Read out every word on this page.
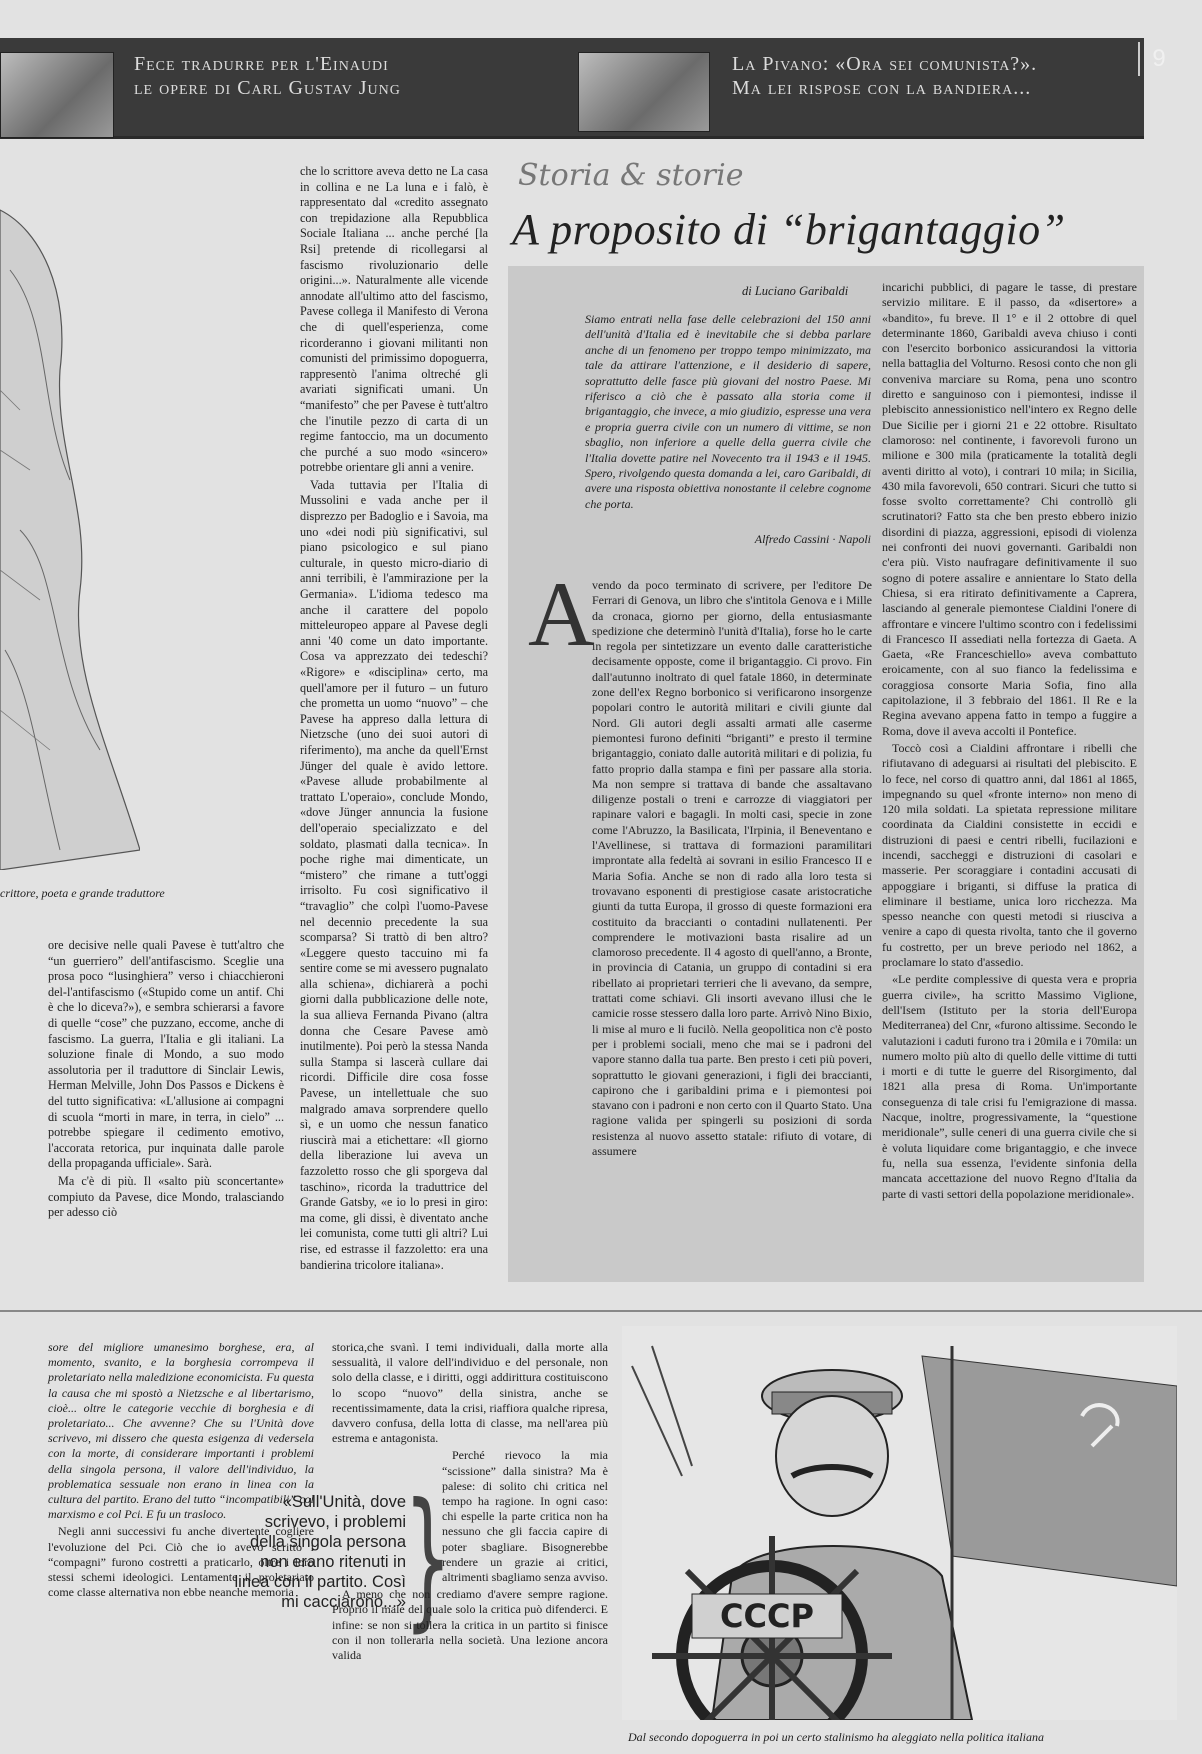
Fece tradurre per l'Einaudi
le opere di Carl Gustav Jung
La Pivano: «Ora sei comunista?».
Ma lei rispose con la bandiera...
9
crittore, poeta e grande traduttore

ore decisive nelle quali Pavese è tutt'altro che “un guerriero” dell'antifascismo. Sceglie una prosa poco “lusinghiera” verso i chiacchieroni del-l'antifascismo («Stupido come un antif. Chi è che lo diceva?»), e sembra schierarsi a favore di quelle “cose” che puzzano, eccome, anche di fascismo. La guerra, l'Italia e gli italiani. La soluzione finale di Mondo, a suo modo assolutoria per il traduttore di Sinclair Lewis, Herman Melville, John Dos Passos e Dickens è del tutto significativa: «L'allusione ai compagni di scuola “morti in mare, in terra, in cielo” ... potrebbe spiegare il cedimento emotivo, l'accorata retorica, pur inquinata dalle parole della propaganda ufficiale». Sarà.

Ma c'è di più. Il «salto più sconcertante» compiuto da Pavese, dice Mondo, tralasciando per adesso ciò

che lo scrittore aveva detto ne La casa in collina e ne La luna e i falò, è rappresentato dal «credito assegnato con trepidazione alla Repubblica Sociale Italiana ... anche perché [la Rsi] pretende di ricollegarsi al fascismo rivoluzionario delle origini...». Naturalmente alle vicende annodate all'ultimo atto del fascismo, Pavese collega il Manifesto di Verona che di quell'esperienza, come ricorderanno i giovani militanti non comunisti del primissimo dopoguerra, rappresentò l'anima oltreché gli avariati significati umani. Un “manifesto” che per Pavese è tutt'altro che l'inutile pezzo di carta di un regime fantoccio, ma un documento che purché a suo modo «sincero» potrebbe orientare gli anni a venire.

Vada tuttavia per l'Italia di Mussolini e vada anche per il disprezzo per Badoglio e i Savoia, ma uno «dei nodi più significativi, sul piano psicologico e sul piano culturale, in questo micro-diario di anni terribili, è l'ammirazione per la Germania». L'idioma tedesco ma anche il carattere del popolo mitteleuropeo appare al Pavese degli anni '40 come un dato importante. Cosa va apprezzato dei tedeschi? «Rigore» e «disciplina» certo, ma quell'amore per il futuro – un futuro che prometta un uomo “nuovo” – che Pavese ha appreso dalla lettura di Nietzsche (uno dei suoi autori di riferimento), ma anche da quell'Ernst Jünger del quale è avido lettore. «Pavese allude probabilmente al trattato L'operaio», conclude Mondo, «dove Jünger annuncia la fusione dell'operaio specializzato e del soldato, plasmati dalla tecnica». In poche righe mai dimenticate, un “mistero” che rimane a tutt'oggi irrisolto. Fu così significativo il “travaglio” che colpì l'uomo-Pavese nel decennio precedente la sua scomparsa? Si trattò di ben altro? «Leggere questo taccuino mi fa sentire come se mi avessero pugnalato alla schiena», dichiarerà a pochi giorni dalla pubblicazione delle note, la sua allieva Fernanda Pivano (altra donna che Cesare Pavese amò inutilmente). Poi però la stessa Nanda sulla Stampa si lascerà cullare dai ricordi. Difficile dire cosa fosse Pavese, un intellettuale che suo malgrado amava sorprendere quello sì, e un uomo che nessun fanatico riuscirà mai a etichettare: «Il giorno della liberazione lui aveva un fazzoletto rosso che gli sporgeva dal taschino», ricorda la traduttrice del Grande Gatsby, «e io lo presi in giro: ma come, gli dissi, è diventato anche lei comunista, come tutti gli altri? Lui rise, ed estrasse il fazzoletto: era una bandierina tricolore italiana».

Storia & storie
A proposito di “brigantaggio”
di Luciano Garibaldi
Siamo entrati nella fase delle celebrazioni del 150 anni dell'unità d'Italia ed è inevitabile che si debba parlare anche di un fenomeno per troppo tempo minimizzato, ma tale da attirare l'attenzione, e il desiderio di sapere, soprattutto delle fasce più giovani del nostro Paese. Mi riferisco a ciò che è passato alla storia come il brigantaggio, che invece, a mio giudizio, espresse una vera e propria guerra civile con un numero di vittime, se non sbaglio, non inferiore a quelle della guerra civile che l'Italia dovette patire nel Novecento tra il 1943 e il 1945. Spero, rivolgendo questa domanda a lei, caro Garibaldi, di avere una risposta obiettiva nonostante il celebre cognome che porta.
Alfredo Cassini · Napoli
A

vendo da poco terminato di scrivere, per l'editore De Ferrari di Genova, un libro che s'intitola Genova e i Mille da cronaca, giorno per giorno, della entusiasmante spedizione che determinò l'unità d'Italia), forse ho le carte in regola per sintetizzare un evento dalle caratteristiche decisamente opposte, come il brigantaggio. Ci provo. Fin dall'autunno inoltrato di quel fatale 1860, in determinate zone dell'ex Regno borbonico si verificarono insorgenze popolari contro le autorità militari e civili giunte dal Nord. Gli autori degli assalti armati alle caserme piemontesi furono definiti “briganti” e presto il termine brigantaggio, coniato dalle autorità militari e di polizia, fu fatto proprio dalla stampa e finì per passare alla storia. Ma non sempre si trattava di bande che assaltavano diligenze postali o treni e carrozze di viaggiatori per rapinare valori e bagagli. In molti casi, specie in zone come l'Abruzzo, la Basilicata, l'Irpinia, il Beneventano e l'Avellinese, si trattava di formazioni paramilitari improntate alla fedeltà ai sovrani in esilio Francesco II e Maria Sofia. Anche se non di rado alla loro testa si trovavano esponenti di prestigiose casate aristocratiche giunti da tutta Europa, il grosso di queste formazioni era costituito da braccianti o contadini nullatenenti. Per comprendere le motivazioni basta risalire ad un clamoroso precedente. Il 4 agosto di quell'anno, a Bronte, in provincia di Catania, un gruppo di contadini si era ribellato ai proprietari terrieri che li avevano, da sempre, trattati come schiavi. Gli insorti avevano illusi che le camicie rosse stessero dalla loro parte. Arrivò Nino Bixio, li mise al muro e li fucilò. Nella geopolitica non c'è posto per i problemi sociali, meno che mai se i padroni del vapore stanno dalla tua parte. Ben presto i ceti più poveri, soprattutto le giovani generazioni, i figli dei braccianti, capirono che i garibaldini prima e i piemontesi poi stavano con i padroni e non certo con il Quarto Stato. Una ragione valida per spingerli su posizioni di sorda resistenza al nuovo assetto statale: rifiuto di votare, di assumere

incarichi pubblici, di pagare le tasse, di prestare servizio militare. E il passo, da «disertore» a «bandito», fu breve. Il 1° e il 2 ottobre di quel determinante 1860, Garibaldi aveva chiuso i conti con l'esercito borbonico assicurandosi la vittoria nella battaglia del Volturno. Resosi conto che non gli conveniva marciare su Roma, pena uno scontro diretto e sanguinoso con i piemontesi, indisse il plebiscito annessionistico nell'intero ex Regno delle Due Sicilie per i giorni 21 e 22 ottobre. Risultato clamoroso: nel continente, i favorevoli furono un milione e 300 mila (praticamente la totalità degli aventi diritto al voto), i contrari 10 mila; in Sicilia, 430 mila favorevoli, 650 contrari. Sicuri che tutto si fosse svolto correttamente? Chi controllò gli scrutinatori? Fatto sta che ben presto ebbero inizio disordini di piazza, aggressioni, episodi di violenza nei confronti dei nuovi governanti. Garibaldi non c'era più. Visto naufragare definitivamente il suo sogno di potere assalire e annientare lo Stato della Chiesa, si era ritirato definitivamente a Caprera, lasciando al generale piemontese Cialdini l'onere di affrontare e vincere l'ultimo scontro con i fedelissimi di Francesco II assediati nella fortezza di Gaeta. A Gaeta, «Re Franceschiello» aveva combattuto eroicamente, con al suo fianco la fedelissima e coraggiosa consorte Maria Sofia, fino alla capitolazione, il 3 febbraio del 1861. Il Re e la Regina avevano appena fatto in tempo a fuggire a Roma, dove il aveva accolti il Pontefice.

Toccò così a Cialdini affrontare i ribelli che rifiutavano di adeguarsi ai risultati del plebiscito. E lo fece, nel corso di quattro anni, dal 1861 al 1865, impegnando su quel «fronte interno» non meno di 120 mila soldati. La spietata repressione militare coordinata da Cialdini consistette in eccidi e distruzioni di paesi e centri ribelli, fucilazioni e incendi, saccheggi e distruzioni di casolari e masserie. Per scoraggiare i contadini accusati di appoggiare i briganti, si diffuse la pratica di eliminare il bestiame, unica loro ricchezza. Ma spesso neanche con questi metodi si riusciva a venire a capo di questa rivolta, tanto che il governo fu costretto, per un breve periodo nel 1862, a proclamare lo stato d'assedio.

«Le perdite complessive di questa vera e propria guerra civile», ha scritto Massimo Viglione, dell'Isem (Istituto per la storia dell'Europa Mediterranea) del Cnr, «furono altissime. Secondo le valutazioni i caduti furono tra i 20mila e i 70mila: un numero molto più alto di quello delle vittime di tutti i morti e di tutte le guerre del Risorgimento, dal 1821 alla presa di Roma. Un'importante conseguenza di tale crisi fu l'emigrazione di massa. Nacque, inoltre, progressivamente, la “questione meridionale”, sulle ceneri di una guerra civile che si è voluta liquidare come brigantaggio, e che invece fu, nella sua essenza, l'evidente sinfonia della mancata accettazione del nuovo Regno d'Italia da parte di vasti settori della popolazione meridionale».

sore del migliore umanesimo borghese, era, al momento, svanito, e la borghesia corrompeva il proletariato nella maledizione economicista. Fu questa la causa che mi spostò a Nietzsche e al libertarismo, cioè... oltre le categorie vecchie di borghesia e di proletariato... Che avvenne? Che su l'Unità dove scrivevo, mi dissero che questa esigenza di vedersela con la morte, di considerare importanti i problemi della singola persona, il valore dell'individuo, la problematica sessuale non erano in linea con la cultura del partito. Erano del tutto “incompatibili” col marxismo e col Pci. E fu un trasloco.

Negli anni successivi fu anche divertente cogliere l'evoluzione del Pci. Ciò che io avevo scritto i “compagni” furono costretti a praticarlo, oltre i loro stessi schemi ideologici. Lentamente il proletariato come classe alternativa non ebbe neanche memoria

«Sull'Unità, dove scrivevo, i problemi della singola persona non erano ritenuti in linea con il partito. Così mi cacciarono...»
}

storica,che svanì. I temi individuali, dalla morte alla sessualità, il valore dell'individuo e del personale, non solo della classe, e i diritti, oggi addirittura costituiscono lo scopo “nuovo” della sinistra, anche se recentissimamente, data la crisi, riaffiora qualche ripresa, davvero confusa, della lotta di classe, ma nell'area più estrema e antagonista.

Perché rievoco la mia “scissione” dalla sinistra? Ma è palese: di solito chi critica nel tempo ha ragione. In ogni caso: chi espelle la parte critica non ha nessuno che gli faccia capire di poter sbagliare. Bisognerebbe rendere un grazie ai critici, altrimenti sbagliamo senza avviso.

A meno che non crediamo d'avere sempre ragione. Proprio il male del quale solo la critica può difenderci. E infine: se non si tollera la critica in un partito si finisce con il non tollerarla nella società. Una lezione ancora valida

СССР
Dal secondo dopoguerra in poi un certo stalinismo ha aleggiato nella politica italiana
